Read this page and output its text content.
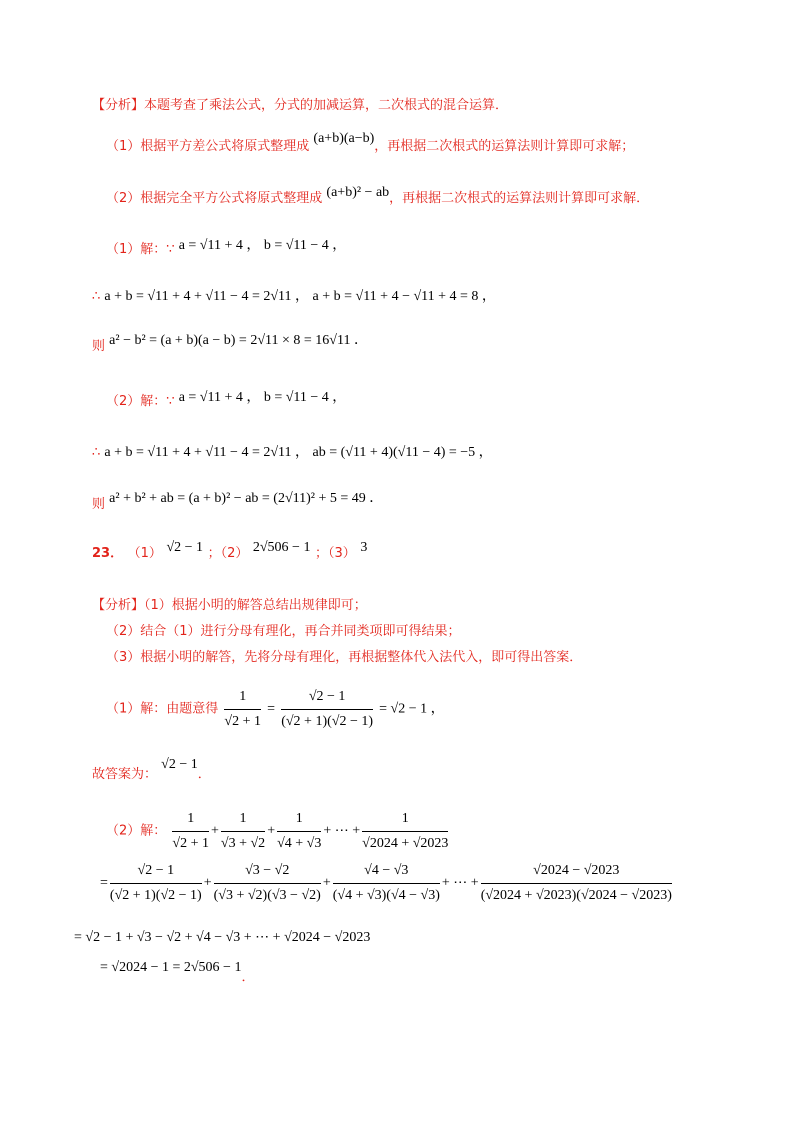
【分析】本题考查了乘法公式，分式的加减运算，二次根式的混合运算．
（1）根据平方差公式将原式整理成 (a+b)(a−b)，再根据二次根式的运算法则计算即可求解；
（2）根据完全平方公式将原式整理成 (a+b)² − ab，再根据二次根式的运算法则计算即可求解．
（1）解：∵ a = √11 + 4 ， b = √11 − 4 ，
∴ a + b = √11 + 4 + √11 − 4 = 2√11 ， a + b = √11 + 4 − √11 + 4 = 8 ，
则 a² − b² = (a + b)(a − b) = 2√11 × 8 = 16√11 ．
（2）解：∵ a = √11 + 4 ， b = √11 − 4 ，
∴ a + b = √11 + 4 + √11 − 4 = 2√11 ， ab = (√11 + 4)(√11 − 4) = −5 ，
则 a² + b² + ab = (a + b)² − ab = (2√11)² + 5 = 49 ．
23． （1） √2 − 1 ；（2） 2√506 − 1 ；（3） 3
【分析】（1）根据小明的解答总结出规律即可；
（2）结合（1）进行分母有理化，再合并同类项即可得结果；
（3）根据小明的解答，先将分母有理化，再根据整体代入法代入，即可得出答案．
（1）解：由题意得 $\frac{1}{√2 + 1} = \frac{√2 - 1}{(√2 + 1)(√2 - 1)} = √2 - 1$ ，
故答案为： √2 − 1．
（2）解： $\frac{1}{√2 + 1} + \frac{1}{√3 + √2} + \frac{1}{√4 + √3}$ + ⋯ + $\frac{1}{√2024 + √2023}$
= $\frac{√2 - 1}{(√2 + 1)(√2 - 1)} + \frac{√3 - √2}{(√3 + √2)(√3 - √2)} + \frac{√4 - √3}{(√4 + √3)(√4 - √3)}$ + ⋯ + $\frac{√2024 - √2023}{(√2024 + √2023)(√2024 - √2023)}$
= √2 − 1 + √3 − √2 + √4 − √3 + ⋯ + √2024 − √2023
= √2024 − 1 = 2√506 − 1．
